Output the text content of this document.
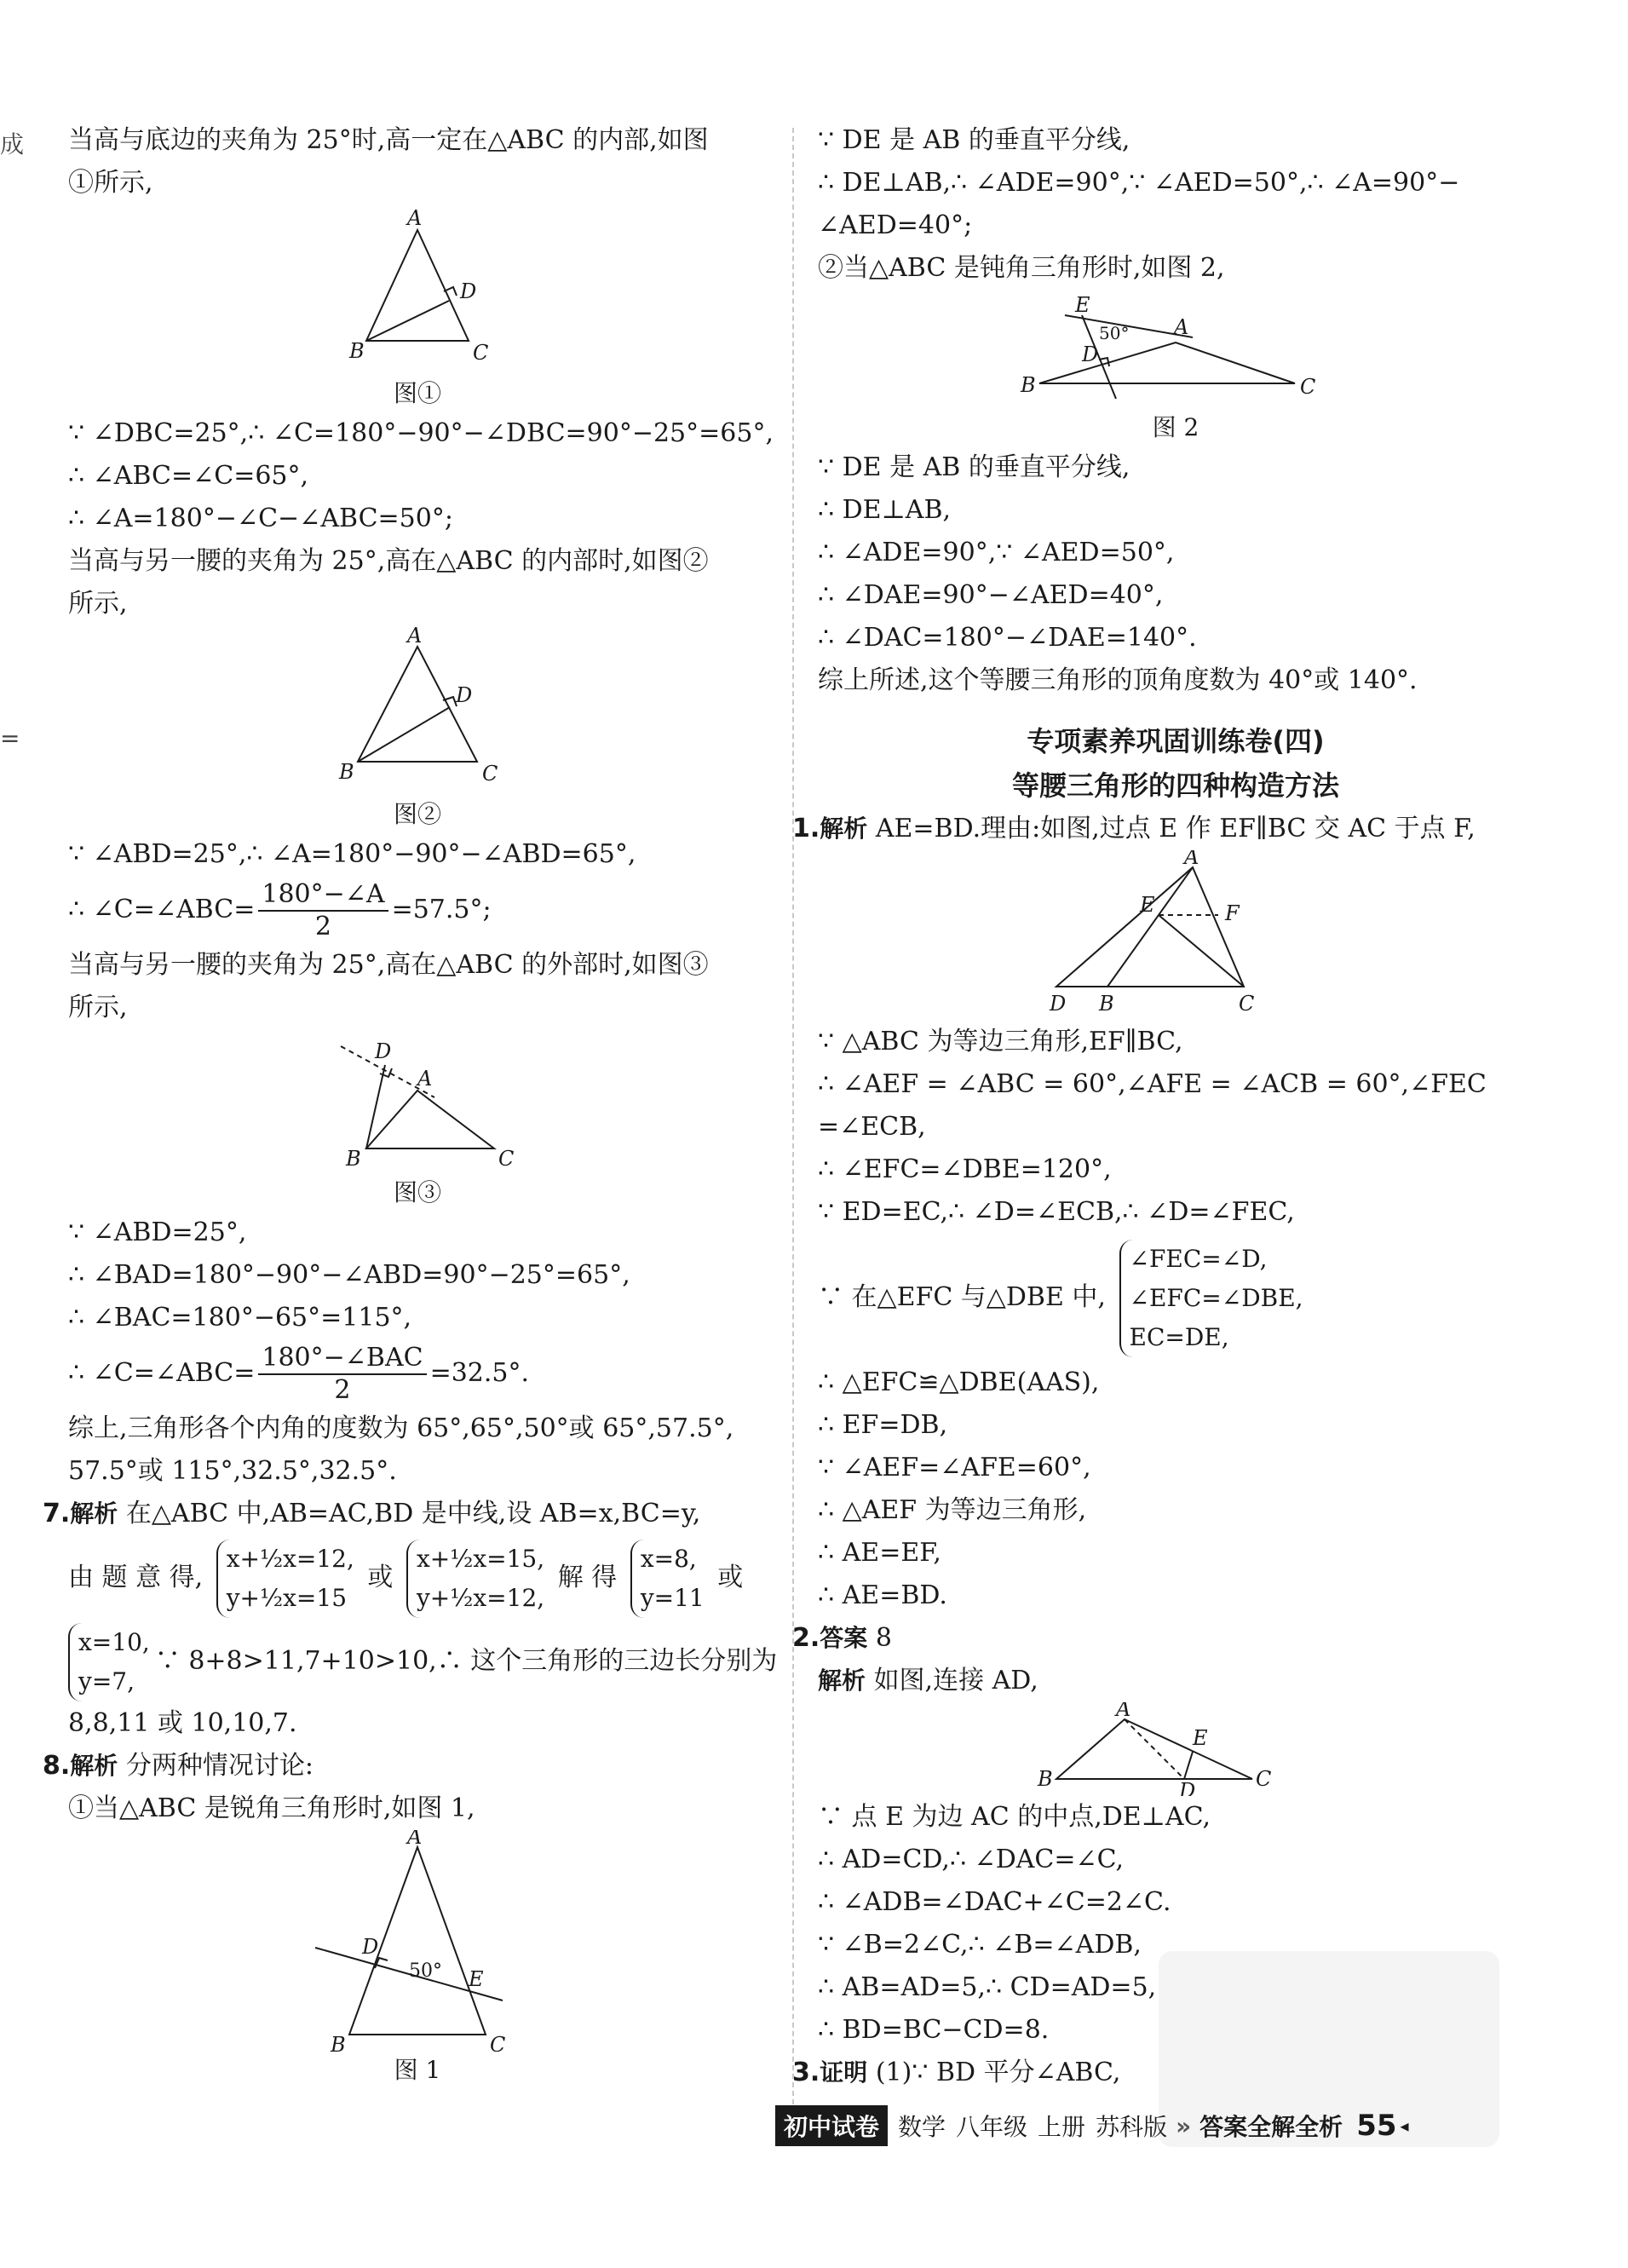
成
=
当高与底边的夹角为 25°时,高一定在△ABC 的内部,如图
①所示,
A
D
B	C
图①
∵ ∠DBC=25°,∴ ∠C=180°−90°−∠DBC=90°−25°=65°,
∴ ∠ABC=∠C=65°,
∴ ∠A=180°−∠C−∠ABC=50°;
当高与另一腰的夹角为 25°,高在△ABC 的内部时,如图②
所示,
A
D
B	C
图②
∵ ∠ABD=25°,∴ ∠A=180°−90°−∠ABD=65°,
∴ ∠C=∠ABC= $\frac{180^\circ-\angle A}{2} =57.5^\circ$;
当高与另一腰的夹角为 25°,高在△ABC 的外部时,如图③
所示,
D
A
B	C
图③
∵ ∠ABD=25°,
∴ ∠BAD=180°−90°−∠ABD=90°−25°=65°,
∴ ∠BAC=180°−65°=115°,
∴ ∠C=∠ABC= $\frac{\text{180°−∠BAC}}{2} =32.5^\circ$.
综上,三角形各个内角的度数为 65°,65°,50°或 65°,57.5°,
57.5°或 115°,32.5°,32.5°.
7.解析 在△ABC 中,AB=AC,BD 是中线,设 AB=x,BC=y,
由 题 意 得,
x+½x=12,
y+½x=15
或
x+½x=15,
y+½x=12,
解 得
x=8,
y=11
或
x=10,
y=7,
∵ 8+8>11,7+10>10,∴ 这个三角形的三边长分别为
8,8,11 或 10,10,7.
8.解析 分两种情况讨论:
①当△ABC 是锐角三角形时,如图 1,
A
D
50° E
B	C
图 1
∵ DE 是 AB 的垂直平分线,
∴ DE⊥AB,∴ ∠ADE=90°,∵ ∠AED=50°,∴ ∠A=90°−
∠AED=40°;
②当△ABC 是钝角三角形时,如图 2,
E
50° A
D
B	C
图 2
∵ DE 是 AB 的垂直平分线,
∴ DE⊥AB,
∴ ∠ADE=90°,∵ ∠AED=50°,
∴ ∠DAE=90°−∠AED=40°,
∴ ∠DAC=180°−∠DAE=140°.
综上所述,这个等腰三角形的顶角度数为 40°或 140°.
专项素养巩固训练卷(四)
等腰三角形的四种构造方法
1.解析 AE=BD.理由:如图,过点 E 作 EF∥BC 交 AC 于点 F,
A
E	F
D B	C
∵ △ABC 为等边三角形,EF∥BC,
∴ ∠AEF = ∠ABC = 60°,∠AFE = ∠ACB = 60°,∠FEC
=∠ECB,
∴ ∠EFC=∠DBE=120°,
∵ ED=EC,∴ ∠D=∠ECB,∴ ∠D=∠FEC,
∵ 在△EFC 与△DBE 中,
∠FEC=∠D,
∠EFC=∠DBE,
EC=DE,
∴ △EFC≌△DBE(AAS),
∴ EF=DB,
∵ ∠AEF=∠AFE=60°,
∴ △AEF 为等边三角形,
∴ AE=EF,
∴ AE=BD.
2.答案 8
解析 如图,连接 AD,
A
E
B	D	C
∵ 点 E 为边 AC 的中点,DE⊥AC,
∴ AD=CD,∴ ∠DAC=∠C,
∴ ∠ADB=∠DAC+∠C=2∠C.
∵ ∠B=2∠C,∴ ∠B=∠ADB,
∴ AB=AD=5,∴ CD=AD=5,
∴ BD=BC−CD=8.
3.证明 (1)∵ BD 平分∠ABC,
初中试卷 数学 八年级 上册 苏科版 » 答案全解全析 55 ◂
